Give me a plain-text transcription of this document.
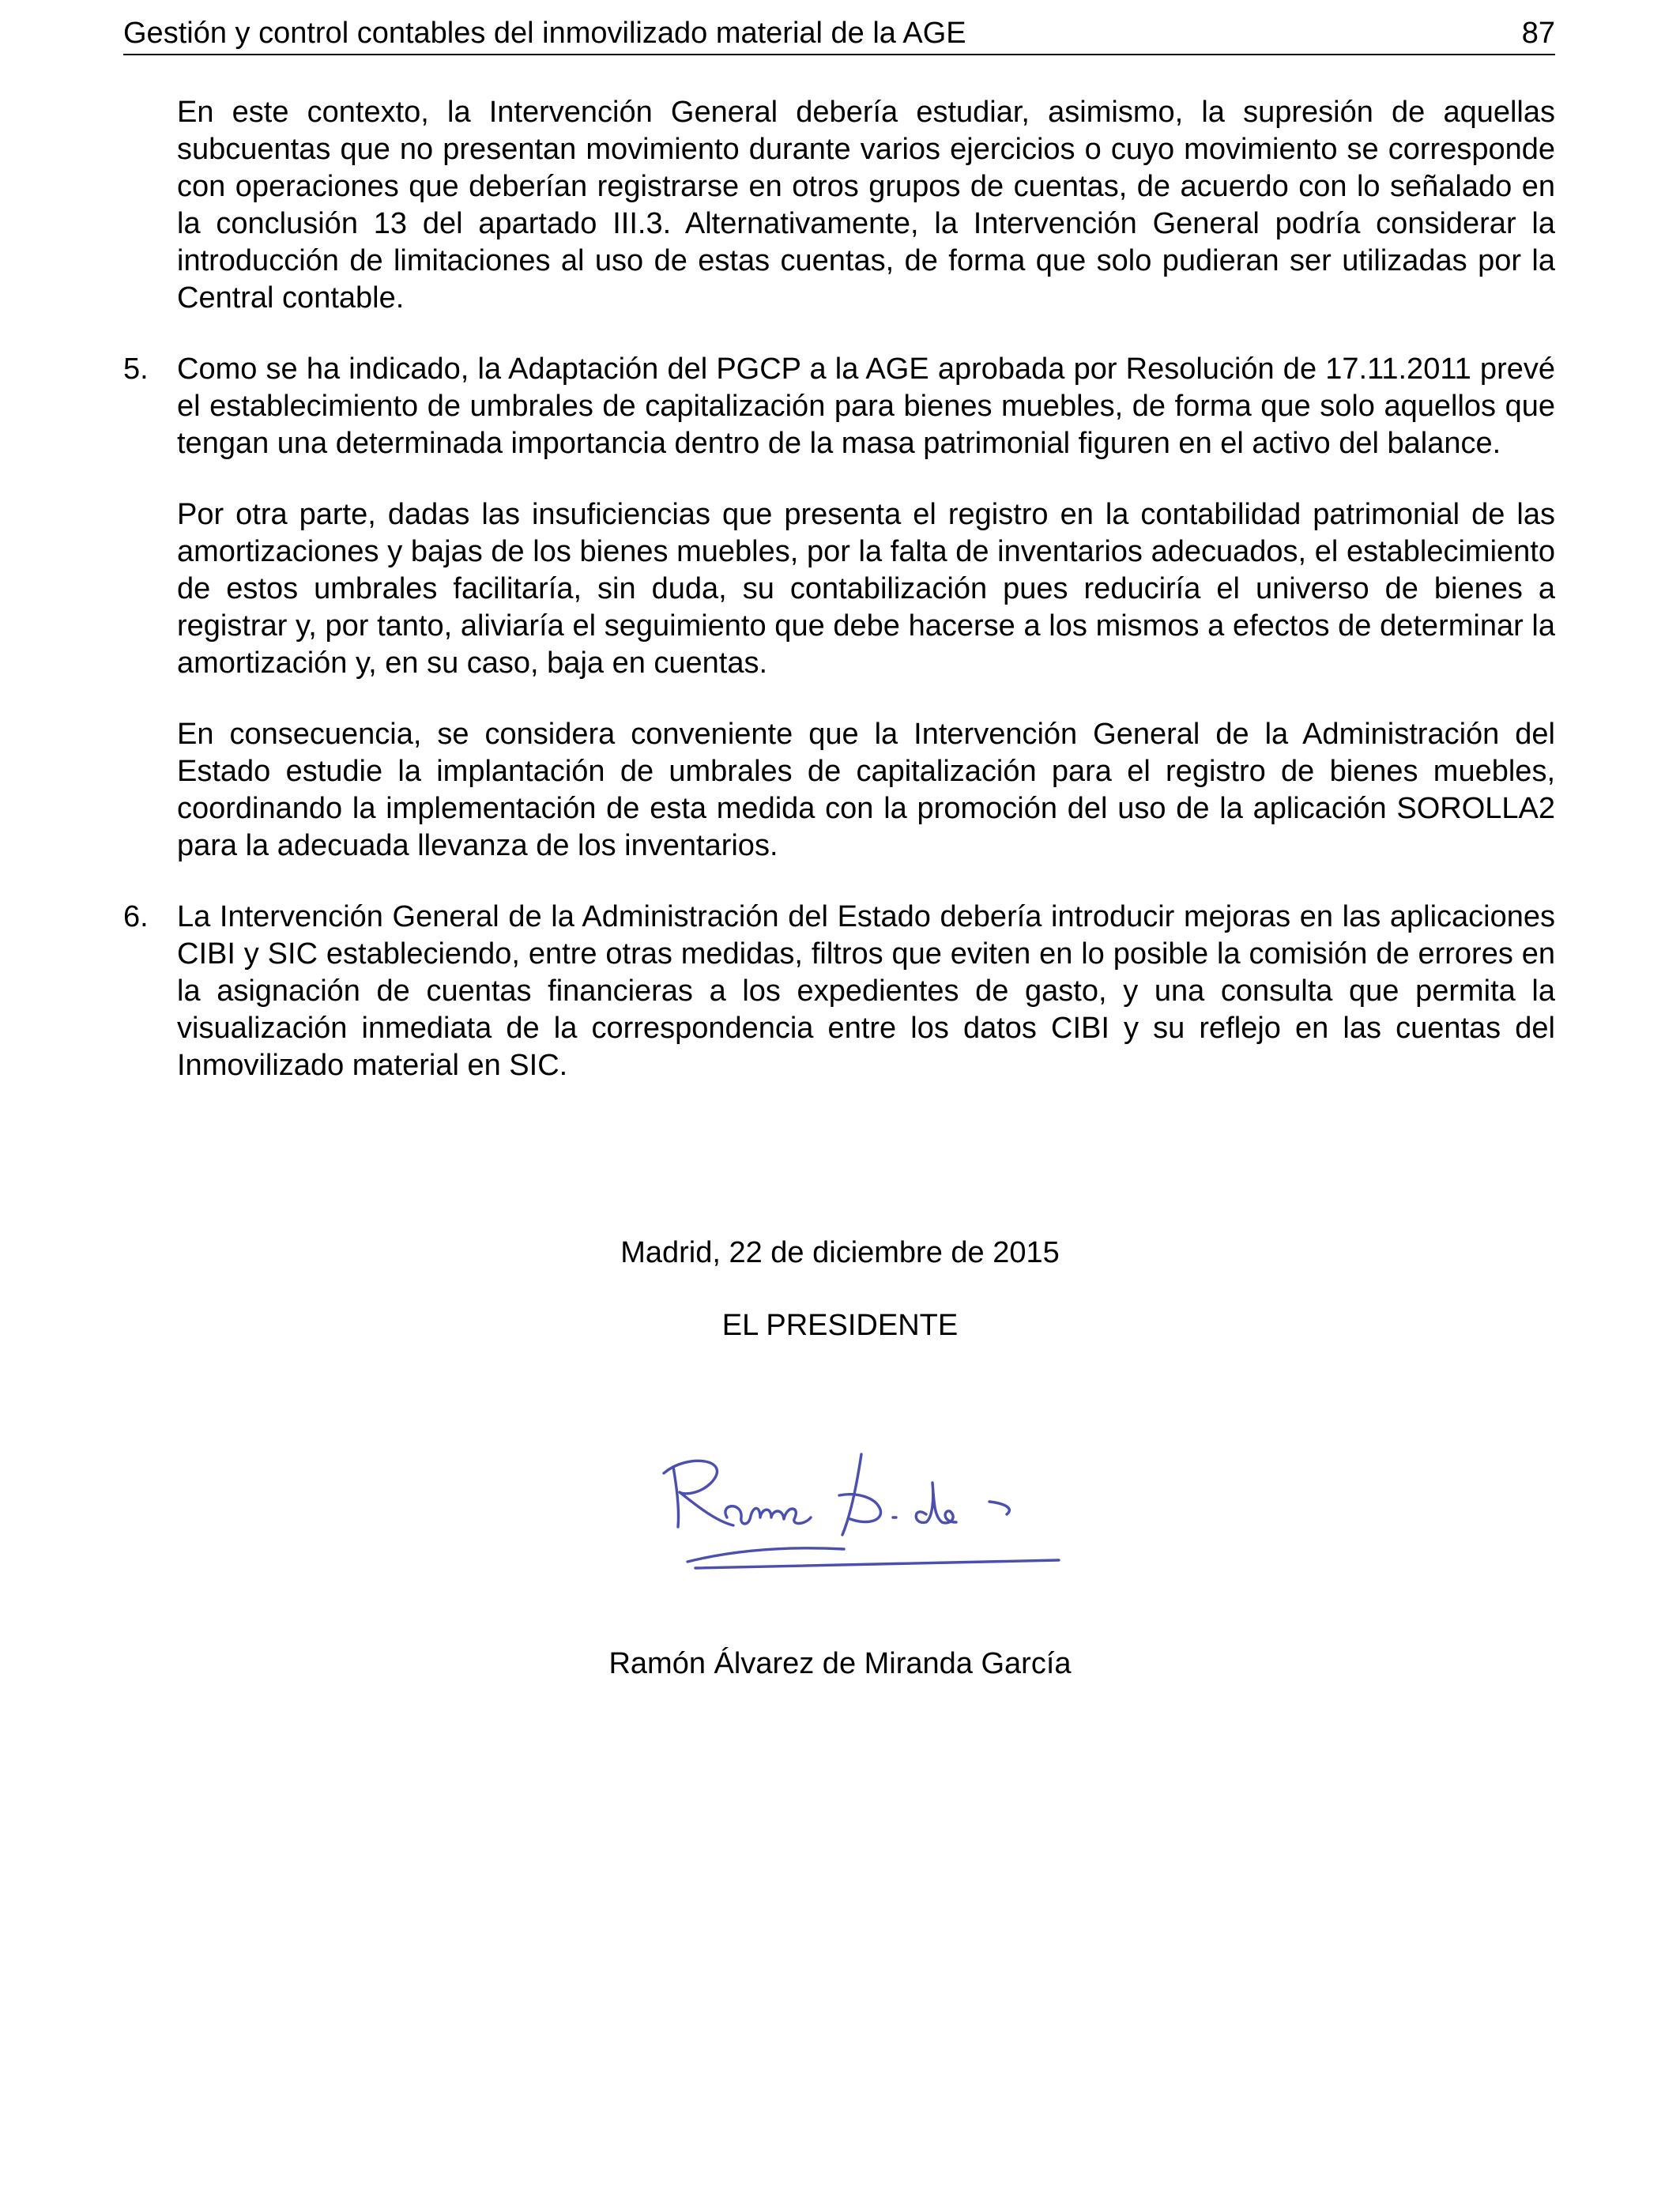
Gestión y control contables del inmovilizado material de la AGE	87

En este contexto, la Intervención General debería estudiar, asimismo, la supresión de aquellas subcuentas que no presentan movimiento durante varios ejercicios o cuyo movimiento se corresponde con operaciones que deberían registrarse en otros grupos de cuentas, de acuerdo con lo señalado en la conclusión 13 del apartado III.3. Alternativamente, la Intervención General podría considerar la introducción de limitaciones al uso de estas cuentas, de forma que solo pudieran ser utilizadas por la Central contable.

5. Como se ha indicado, la Adaptación del PGCP a la AGE aprobada por Resolución de 17.11.2011 prevé el establecimiento de umbrales de capitalización para bienes muebles, de forma que solo aquellos que tengan una determinada importancia dentro de la masa patrimonial figuren en el activo del balance.

Por otra parte, dadas las insuficiencias que presenta el registro en la contabilidad patrimonial de las amortizaciones y bajas de los bienes muebles, por la falta de inventarios adecuados, el establecimiento de estos umbrales facilitaría, sin duda, su contabilización pues reduciría el universo de bienes a registrar y, por tanto, aliviaría el seguimiento que debe hacerse a los mismos a efectos de determinar la amortización y, en su caso, baja en cuentas.

En consecuencia, se considera conveniente que la Intervención General de la Administración del Estado estudie la implantación de umbrales de capitalización para el registro de bienes muebles, coordinando la implementación de esta medida con la promoción del uso de la aplicación SOROLLA2 para la adecuada llevanza de los inventarios.

6. La Intervención General de la Administración del Estado debería introducir mejoras en las aplicaciones CIBI y SIC estableciendo, entre otras medidas, filtros que eviten en lo posible la comisión de errores en la asignación de cuentas financieras a los expedientes de gasto, y una consulta que permita la visualización inmediata de la correspondencia entre los datos CIBI y su reflejo en las cuentas del Inmovilizado material en SIC.

Madrid, 22 de diciembre de 2015
EL PRESIDENTE
Ramón Álvarez de Miranda García
